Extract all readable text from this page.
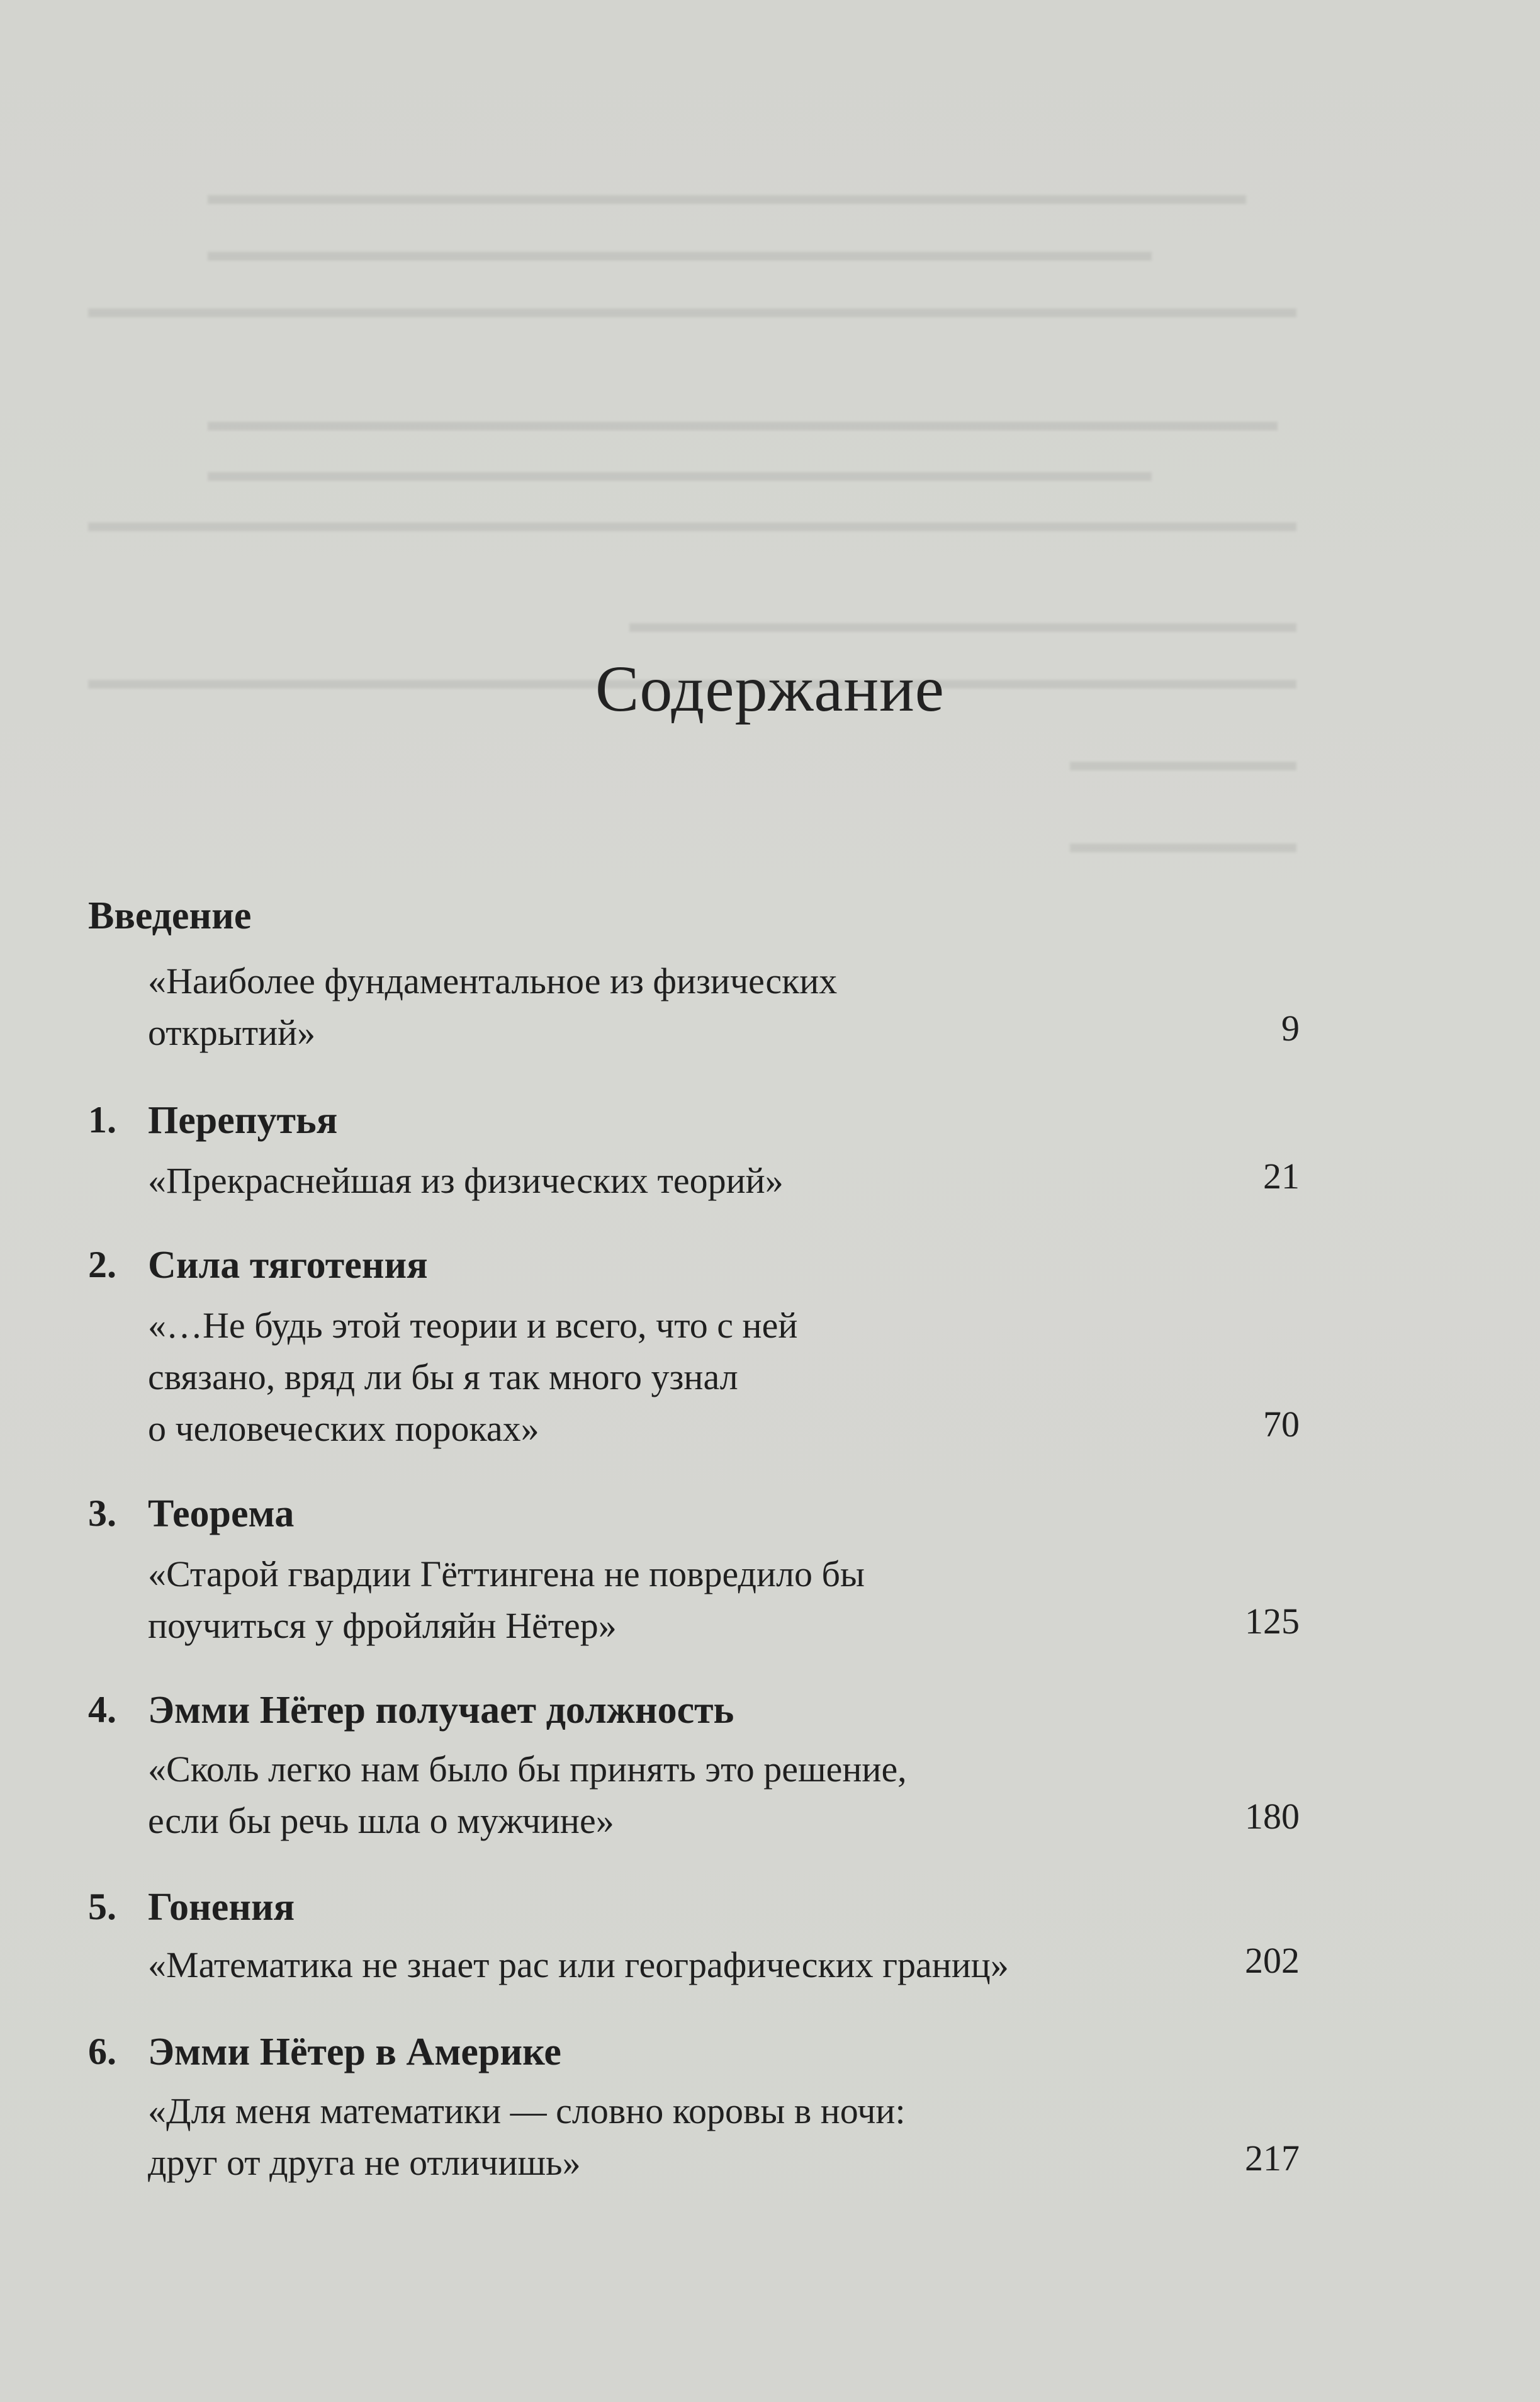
Содержание
Введение
«Наиболее фундаментальное из физических
открытий»	9
1. Перепутья
«Прекраснейшая из физических теорий»	21
2. Сила тяготения
«…Не будь этой теории и всего, что с ней
связано, вряд ли бы я так много узнал
о человеческих пороках»	70
3. Теорема
«Старой гвардии Гёттингена не повредило бы
поучиться у фройляйн Нётер»	125
4. Эмми Нётер получает должность
«Сколь легко нам было бы принять это решение,
если бы речь шла о мужчине»	180
5. Гонения
«Математика не знает рас или географических границ»	202
6. Эмми Нётер в Америке
«Для меня математики — словно коровы в ночи:
друг от друга не отличишь»	217
